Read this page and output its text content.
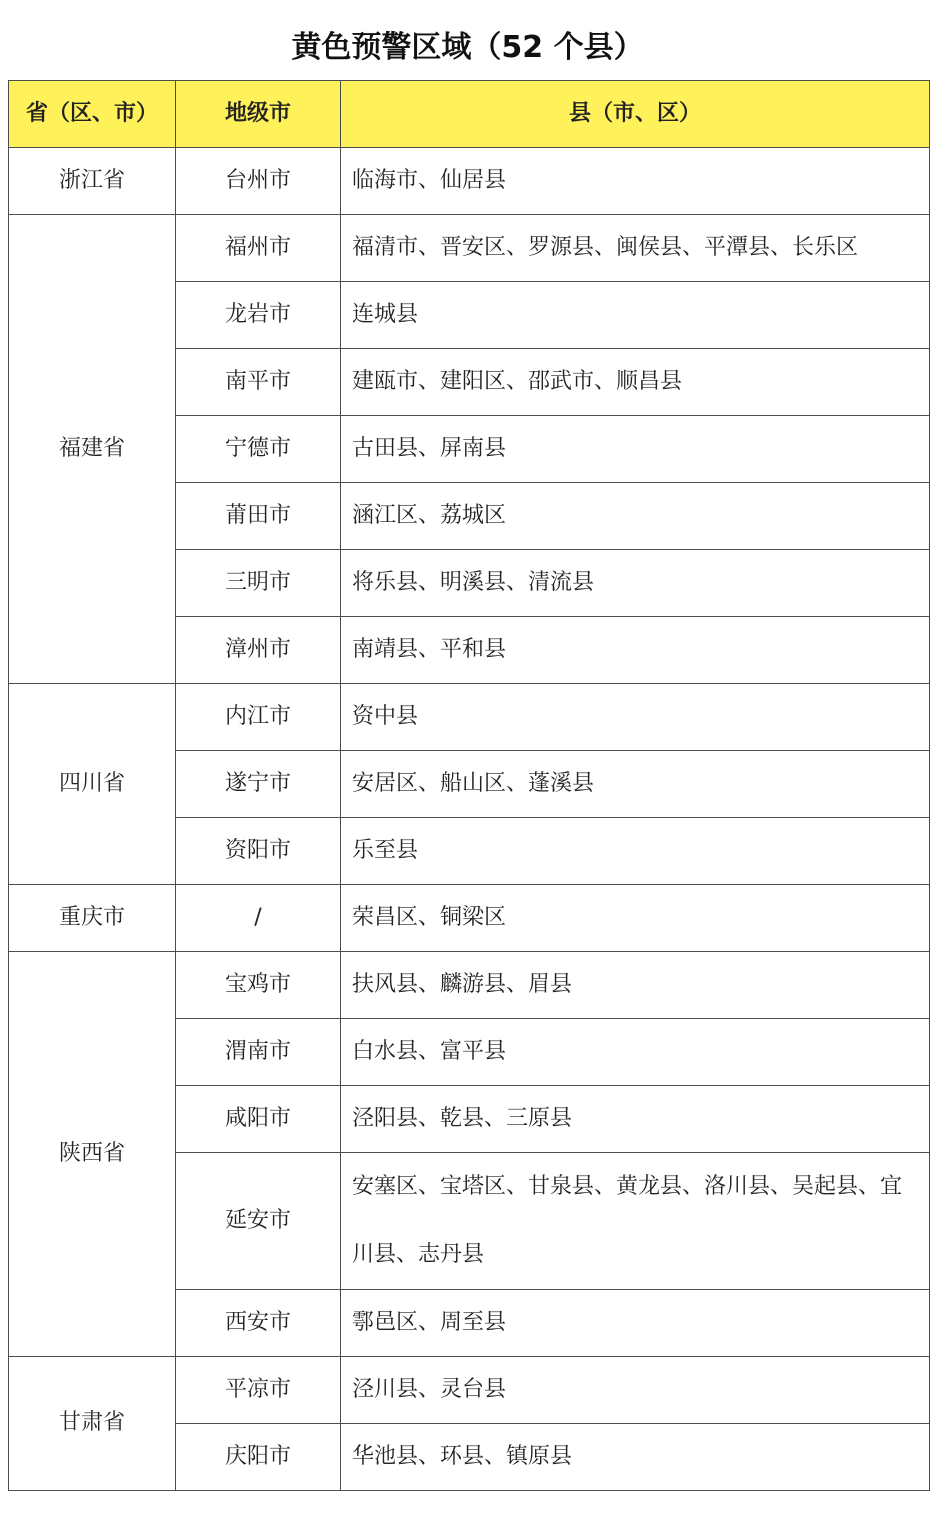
黄色预警区域（52 个县）
省（区、市）	地级市	县（市、区）
浙江省	台州市	临海市、仙居县
福建省	福州市	福清市、晋安区、罗源县、闽侯县、平潭县、长乐区
	龙岩市	连城县
	南平市	建瓯市、建阳区、邵武市、顺昌县
	宁德市	古田县、屏南县
	莆田市	涵江区、荔城区
	三明市	将乐县、明溪县、清流县
	漳州市	南靖县、平和县
四川省	内江市	资中县
	遂宁市	安居区、船山区、蓬溪县
	资阳市	乐至县
重庆市	/	荣昌区、铜梁区
陕西省	宝鸡市	扶风县、麟游县、眉县
	渭南市	白水县、富平县
	咸阳市	泾阳县、乾县、三原县
	延安市	安塞区、宝塔区、甘泉县、黄龙县、洛川县、吴起县、宜川县、志丹县
	西安市	鄠邑区、周至县
甘肃省	平凉市	泾川县、灵台县
	庆阳市	华池县、环县、镇原县
